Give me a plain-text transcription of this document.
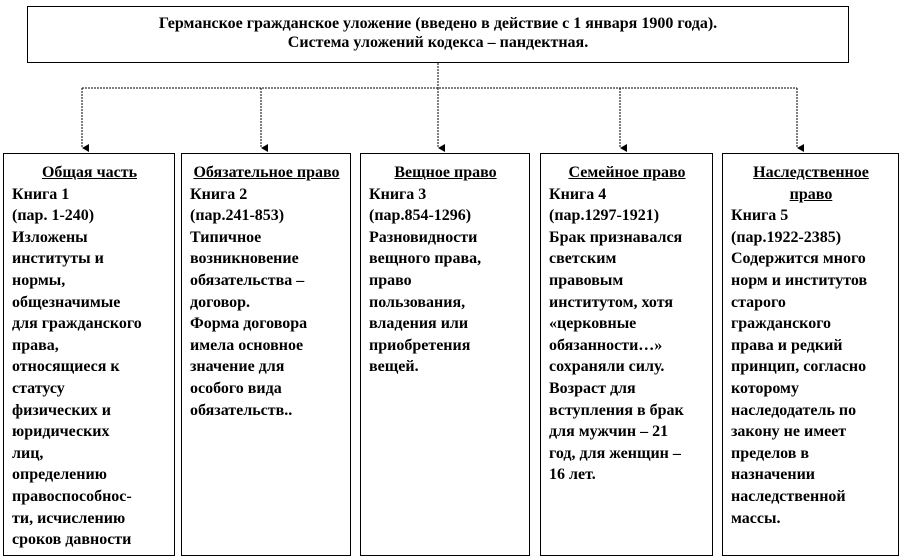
Германское гражданское уложение (введено в действие с 1 января 1900 года).
Система уложений кодекса – пандектная.
Общая часть
Книга 1
(пар. 1-240)
Изложены
институты и
нормы,
общезначимые
для гражданского
права,
относящиеся к
статусу
физических и
юридических
лиц,
определению
правоспособнос-
ти, исчислению
сроков давности
Обязательное право
Книга 2
(пар.241-853)
Типичное
возникновение
обязательства –
договор.
Форма договора
имела основное
значение для
особого вида
обязательств..
Вещное право
Книга 3
(пар.854-1296)
Разновидности
вещного права,
право
пользования,
владения или
приобретения
вещей.
Семейное право
Книга 4
(пар.1297-1921)
Брак признавался
светским
правовым
институтом, хотя
«церковные
обязанности…»
сохраняли силу.
Возраст для
вступления в брак
для мужчин – 21
год, для женщин –
16 лет.
Наследственное право
Книга 5
(пар.1922-2385)
Содержится много
норм и институтов
старого
гражданского
права и редкий
принцип, согласно
которому
наследодатель по
закону не имеет
пределов в
назначении
наследственной
массы.
